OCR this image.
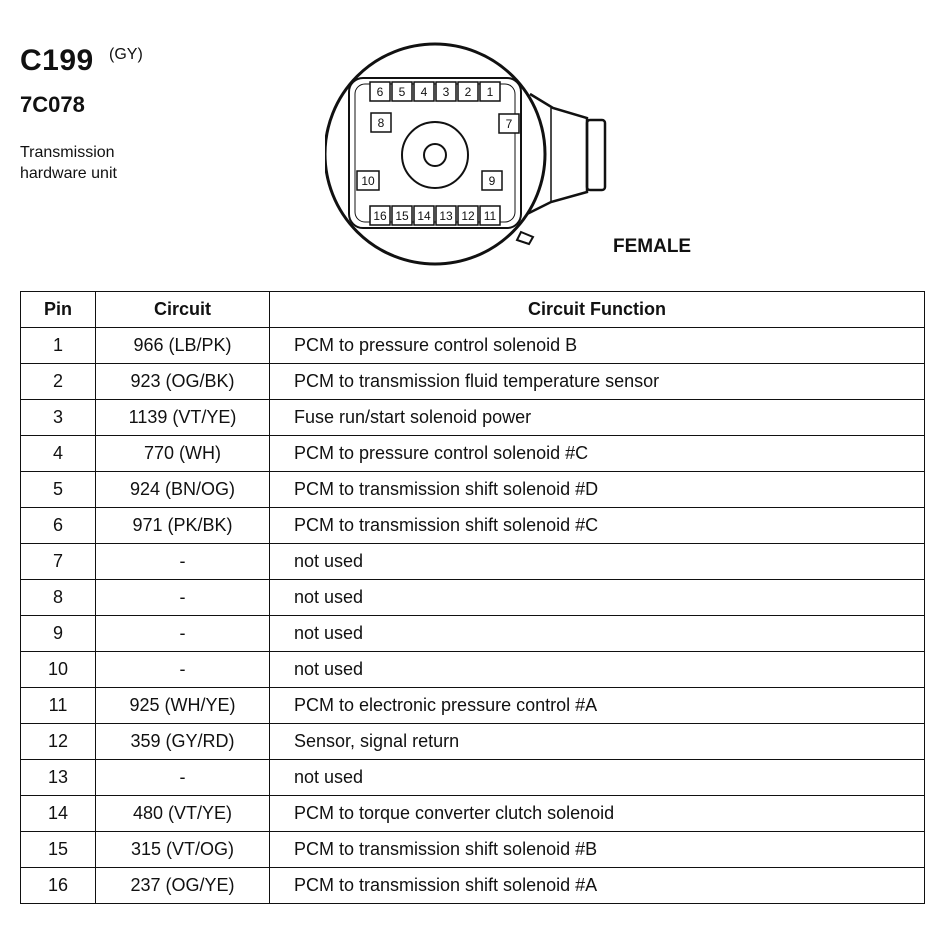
C199 (GY)
7C078
Transmission
hardware unit
FEMALE
6 5 4 3 2 1
8
10
7
9
16 15 14 13 12 11
Pin	Circuit	Circuit Function
1	966 (LB/PK)	PCM to pressure control solenoid B
2	923 (OG/BK)	PCM to transmission fluid temperature sensor
3	1139 (VT/YE)	Fuse run/start solenoid power
4	770 (WH)	PCM to pressure control solenoid #C
5	924 (BN/OG)	PCM to transmission shift solenoid #D
6	971 (PK/BK)	PCM to transmission shift solenoid #C
7	-	not used
8	-	not used
9	-	not used
10	-	not used
11	925 (WH/YE)	PCM to electronic pressure control #A
12	359 (GY/RD)	Sensor, signal return
13	-	not used
14	480 (VT/YE)	PCM to torque converter clutch solenoid
15	315 (VT/OG)	PCM to transmission shift solenoid #B
16	237 (OG/YE)	PCM to transmission shift solenoid #A
